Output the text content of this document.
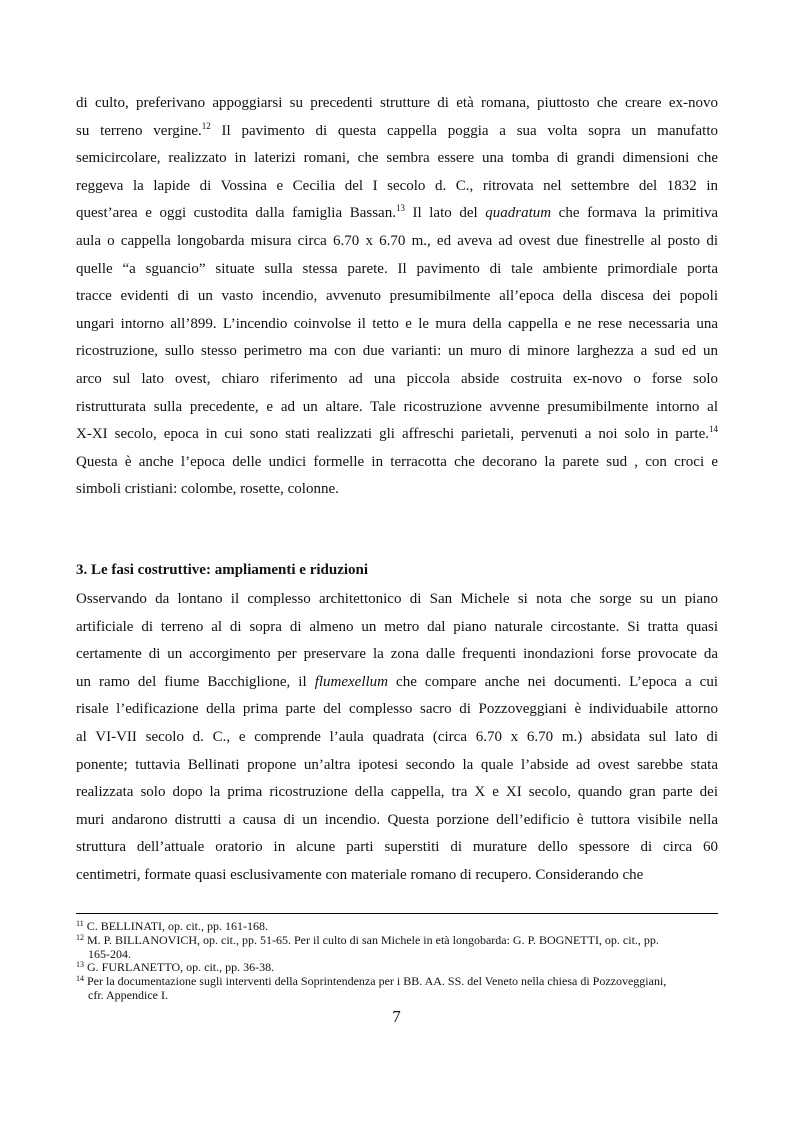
di culto, preferivano appoggiarsi su precedenti strutture di età romana, piuttosto che creare ex-novo
su terreno vergine.$^{12}$ Il pavimento di questa cappella poggia a sua volta sopra un manufatto
semicircolare, realizzato in laterizi romani, che sembra essere una tomba di grandi dimensioni che
reggeva la lapide di Vossina e Cecilia del I secolo d. C., ritrovata nel settembre del 1832 in
quest’area e oggi custodita dalla famiglia Bassan.$^{13}$ Il lato del quadratum che formava la primitiva
aula o cappella longobarda misura circa 6.70 x 6.70 m., ed aveva ad ovest due finestrelle al posto di
quelle “a sguancio” situate sulla stessa parete. Il pavimento di tale ambiente primordiale porta
tracce evidenti di un vasto incendio, avvenuto presumibilmente all’epoca della discesa dei popoli
ungari intorno all’899. L’incendio coinvolse il tetto e le mura della cappella e ne rese necessaria una
ricostruzione, sullo stesso perimetro ma con due varianti: un muro di minore larghezza a sud ed un
arco sul lato ovest, chiaro riferimento ad una piccola abside costruita ex-novo o forse solo
ristrutturata sulla precedente, e ad un altare. Tale ricostruzione avvenne presumibilmente intorno al
X-XI secolo, epoca in cui sono stati realizzati gli affreschi parietali, pervenuti a noi solo in parte.$^{14}$
Questa è anche l’epoca delle undici formelle in terracotta che decorano la parete sud , con croci e
simboli cristiani: colombe, rosette, colonne.

3. Le fasi costruttive: ampliamenti e riduzioni

Osservando da lontano il complesso architettonico di San Michele si nota che sorge su un piano
artificiale di terreno al di sopra di almeno un metro dal piano naturale circostante. Si tratta quasi
certamente di un accorgimento per preservare la zona dalle frequenti inondazioni forse provocate da
un ramo del fiume Bacchiglione, il flumexellum che compare anche nei documenti. L’epoca a cui
risale l’edificazione della prima parte del complesso sacro di Pozzoveggiani è individuabile attorno
al VI-VII secolo d. C., e comprende l’aula quadrata (circa 6.70 x 6.70 m.) absidata sul lato di
ponente; tuttavia Bellinati propone un’altra ipotesi secondo la quale l’abside ad ovest sarebbe stata
realizzata solo dopo la prima ricostruzione della cappella, tra X e XI secolo, quando gran parte dei
muri andarono distrutti a causa di un incendio. Questa porzione dell’edificio è tuttora visibile nella
struttura dell’attuale oratorio in alcune parti superstiti di murature dello spessore di circa 60
centimetri, formate quasi esclusivamente con materiale romano di recupero. Considerando che

$^{11}$ C. BELLINATI, op. cit., pp. 161-168.
$^{12}$ M. P. BILLANOVICH, op. cit., pp. 51-65. Per il culto di san Michele in età longobarda: G. P. BOGNETTI, op. cit., pp.
165-204.
$^{13}$ G. FURLANETTO, op. cit., pp. 36-38.
$^{14}$ Per la documentazione sugli interventi della Soprintendenza per i BB. AA. SS. del Veneto nella chiesa di Pozzoveggiani,
cfr. Appendice I.
7
